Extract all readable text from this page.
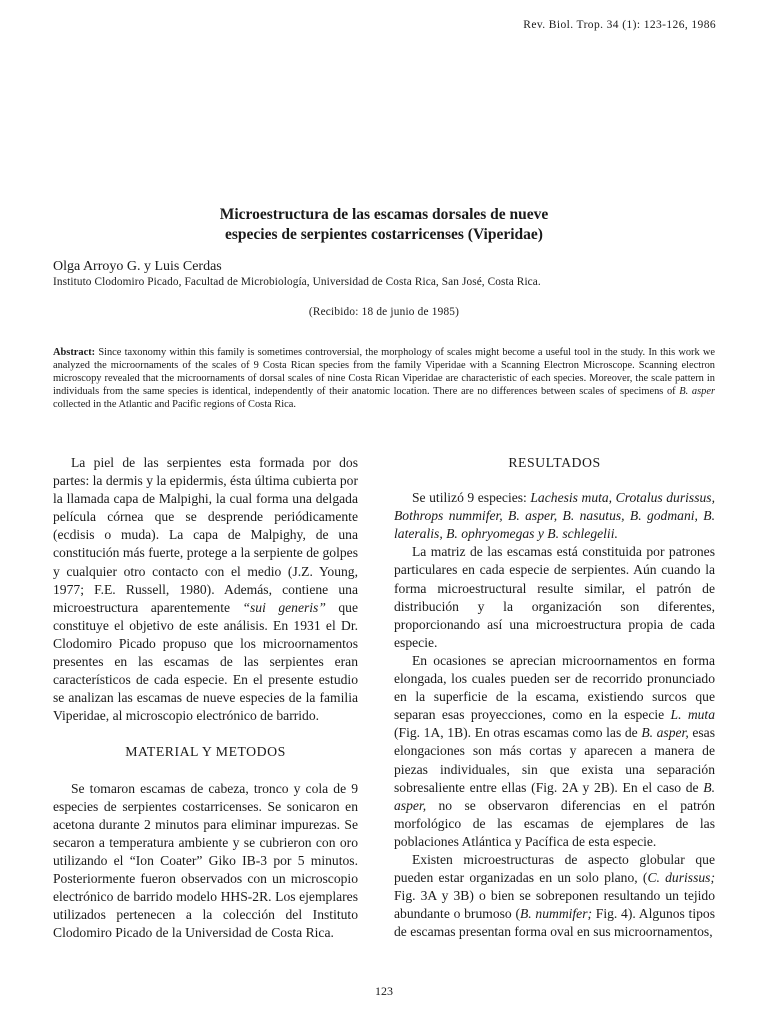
Rev. Biol. Trop. 34 (1): 123-126, 1986
Microestructura de las escamas dorsales de nueve
especies de serpientes costarricenses (Viperidae)
Olga Arroyo G. y Luis Cerdas
Instituto Clodomiro Picado, Facultad de Microbiología, Universidad de Costa Rica, San José, Costa Rica.
(Recibido: 18 de junio de 1985)

Abstract: Since taxonomy within this family is sometimes controversial, the morphology of scales might become a useful tool in the study. In this work we analyzed the microornaments of the scales of 9 Costa Rican species from the family Viperidae with a Scanning Electron Microscope. Scanning electron microscopy revealed that the microornaments of dorsal scales of nine Costa Rican Viperidae are characteristic of each species. Moreover, the scale pattern in individuals from the same species is identical, independently of their anatomic location. There are no differences between scales of specimens of B. asper collected in the Atlantic and Pacific regions of Costa Rica.

La piel de las serpientes esta formada por dos partes: la dermis y la epidermis, ésta última cubierta por la llamada capa de Malpighi, la cual forma una delgada película córnea que se desprende periódicamente (ecdisis o muda). La capa de Malpighy, de una constitución más fuerte, protege a la serpiente de golpes y cualquier otro contacto con el medio (J.Z. Young, 1977; F.E. Russell, 1980). Además, contiene una microestructura aparentemente “sui generis” que constituye el objetivo de este análisis. En 1931 el Dr. Clodomiro Picado propuso que los microornamentos presentes en las escamas de las serpientes eran característicos de cada especie. En el presente estudio se analizan las escamas de nueve especies de la familia Viperidae, al microscopio electrónico de barrido.

MATERIAL Y METODOS

Se tomaron escamas de cabeza, tronco y cola de 9 especies de serpientes costarricenses. Se sonicaron en acetona durante 2 minutos para eliminar impurezas. Se secaron a temperatura ambiente y se cubrieron con oro utilizando el “Ion Coater” Giko IB-3 por 5 minutos. Posteriormente fueron observados con un microscopio electrónico de barrido modelo HHS-2R. Los ejemplares utilizados pertenecen a la colección del Instituto Clodomiro Picado de la Universidad de Costa Rica.

RESULTADOS

Se utilizó 9 especies: Lachesis muta, Crotalus durissus, Bothrops nummifer, B. asper, B. nasutus, B. godmani, B. lateralis, B. ophryomegas y B. schlegelii.

La matriz de las escamas está constituida por patrones particulares en cada especie de serpientes. Aún cuando la forma microestructural resulte similar, el patrón de distribución y la organización son diferentes, proporcionando así una microestructura propia de cada especie.

En ocasiones se aprecian microornamentos en forma elongada, los cuales pueden ser de recorrido pronunciado en la superficie de la escama, existiendo surcos que separan esas proyecciones, como en la especie L. muta (Fig. 1A, 1B). En otras escamas como las de B. asper, esas elongaciones son más cortas y aparecen a manera de piezas individuales, sin que exista una separación sobresaliente entre ellas (Fig. 2A y 2B). En el caso de B. asper, no se observaron diferencias en el patrón morfológico de las escamas de ejemplares de las poblaciones Atlántica y Pacífica de esta especie.

Existen microestructuras de aspecto globular que pueden estar organizadas en un solo plano, (C. durissus; Fig. 3A y 3B) o bien se sobreponen resultando un tejido abundante o brumoso (B. nummifer; Fig. 4). Algunos tipos de escamas presentan forma oval en sus microornamentos,

123
